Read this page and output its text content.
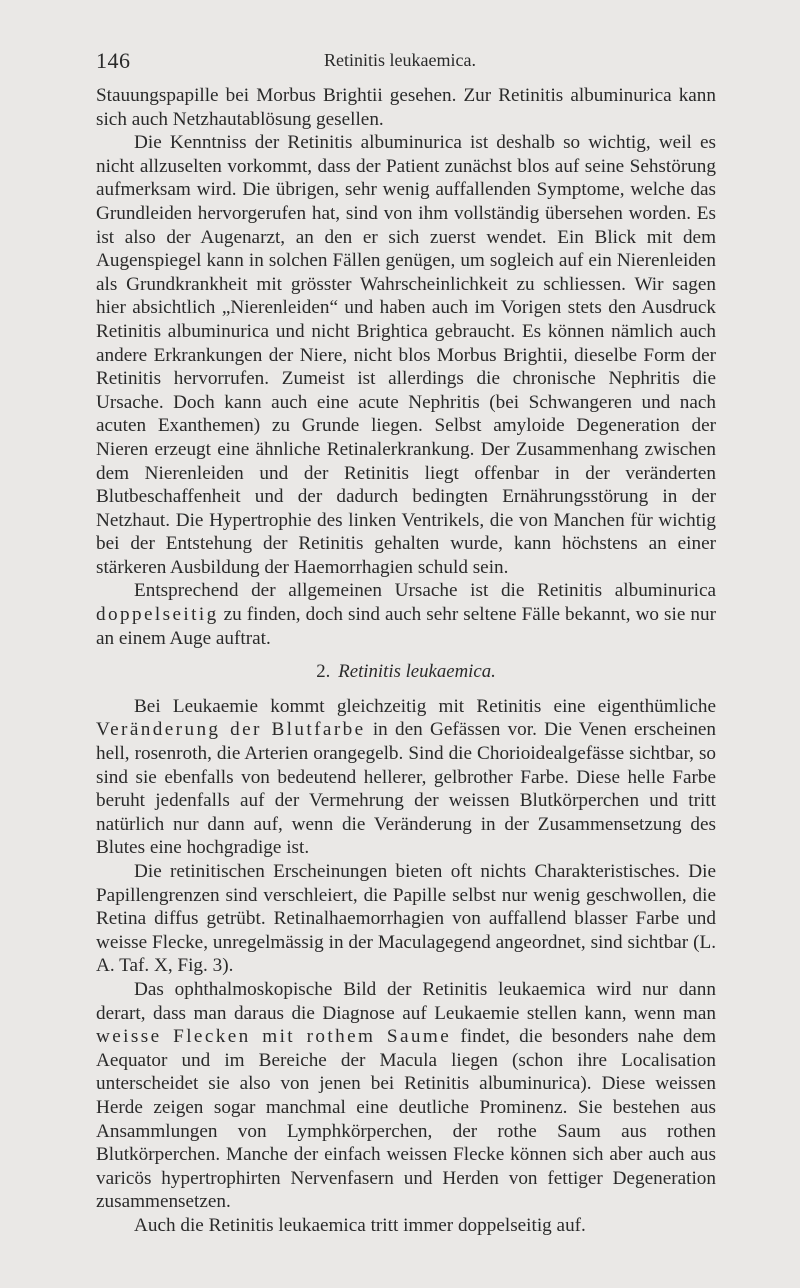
146	Retinitis leukaemica.

Stauungspapille bei Morbus Brightii gesehen. Zur Retinitis albuminurica kann sich auch Netzhautablösung gesellen.

Die Kenntniss der Retinitis albuminurica ist deshalb so wichtig, weil es nicht allzuselten vorkommt, dass der Patient zunächst blos auf seine Sehstörung aufmerksam wird. Die übrigen, sehr wenig auffallenden Symptome, welche das Grundleiden hervorgerufen hat, sind von ihm vollständig übersehen worden. Es ist also der Augenarzt, an den er sich zuerst wendet. Ein Blick mit dem Augenspiegel kann in solchen Fällen genügen, um sogleich auf ein Nierenleiden als Grundkrankheit mit grösster Wahrscheinlichkeit zu schliessen. Wir sagen hier absichtlich „Nierenleiden“ und haben auch im Vorigen stets den Ausdruck Retinitis albuminurica und nicht Brightica gebraucht. Es können nämlich auch andere Erkrankungen der Niere, nicht blos Morbus Brightii, dieselbe Form der Retinitis hervorrufen. Zumeist ist allerdings die chronische Nephritis die Ursache. Doch kann auch eine acute Nephritis (bei Schwangeren und nach acuten Exanthemen) zu Grunde liegen. Selbst amyloide Degeneration der Nieren erzeugt eine ähnliche Retinalerkrankung. Der Zusammenhang zwischen dem Nierenleiden und der Retinitis liegt offenbar in der veränderten Blutbeschaffenheit und der dadurch bedingten Ernährungsstörung in der Netzhaut. Die Hypertrophie des linken Ventrikels, die von Manchen für wichtig bei der Entstehung der Retinitis gehalten wurde, kann höchstens an einer stärkeren Ausbildung der Haemorrhagien schuld sein.

Entsprechend der allgemeinen Ursache ist die Retinitis albuminurica doppelseitig zu finden, doch sind auch sehr seltene Fälle bekannt, wo sie nur an einem Auge auftrat.

2. Retinitis leukaemica.

Bei Leukaemie kommt gleichzeitig mit Retinitis eine eigenthümliche Veränderung der Blutfarbe in den Gefässen vor. Die Venen erscheinen hell, rosenroth, die Arterien orangegelb. Sind die Chorioidealgefässe sichtbar, so sind sie ebenfalls von bedeutend hellerer, gelbrother Farbe. Diese helle Farbe beruht jedenfalls auf der Vermehrung der weissen Blutkörperchen und tritt natürlich nur dann auf, wenn die Veränderung in der Zusammensetzung des Blutes eine hochgradige ist.

Die retinitischen Erscheinungen bieten oft nichts Charakteristisches. Die Papillengrenzen sind verschleiert, die Papille selbst nur wenig geschwollen, die Retina diffus getrübt. Retinalhaemorrhagien von auffallend blasser Farbe und weisse Flecke, unregelmässig in der Maculagegend angeordnet, sind sichtbar (L. A. Taf. X, Fig. 3).

Das ophthalmoskopische Bild der Retinitis leukaemica wird nur dann derart, dass man daraus die Diagnose auf Leukaemie stellen kann, wenn man weisse Flecken mit rothem Saume findet, die besonders nahe dem Aequator und im Bereiche der Macula liegen (schon ihre Localisation unterscheidet sie also von jenen bei Retinitis albuminurica). Diese weissen Herde zeigen sogar manchmal eine deutliche Prominenz. Sie bestehen aus Ansammlungen von Lymphkörperchen, der rothe Saum aus rothen Blutkörperchen. Manche der einfach weissen Flecke können sich aber auch aus varicös hypertrophirten Nervenfasern und Herden von fettiger Degeneration zusammensetzen.

Auch die Retinitis leukaemica tritt immer doppelseitig auf.
